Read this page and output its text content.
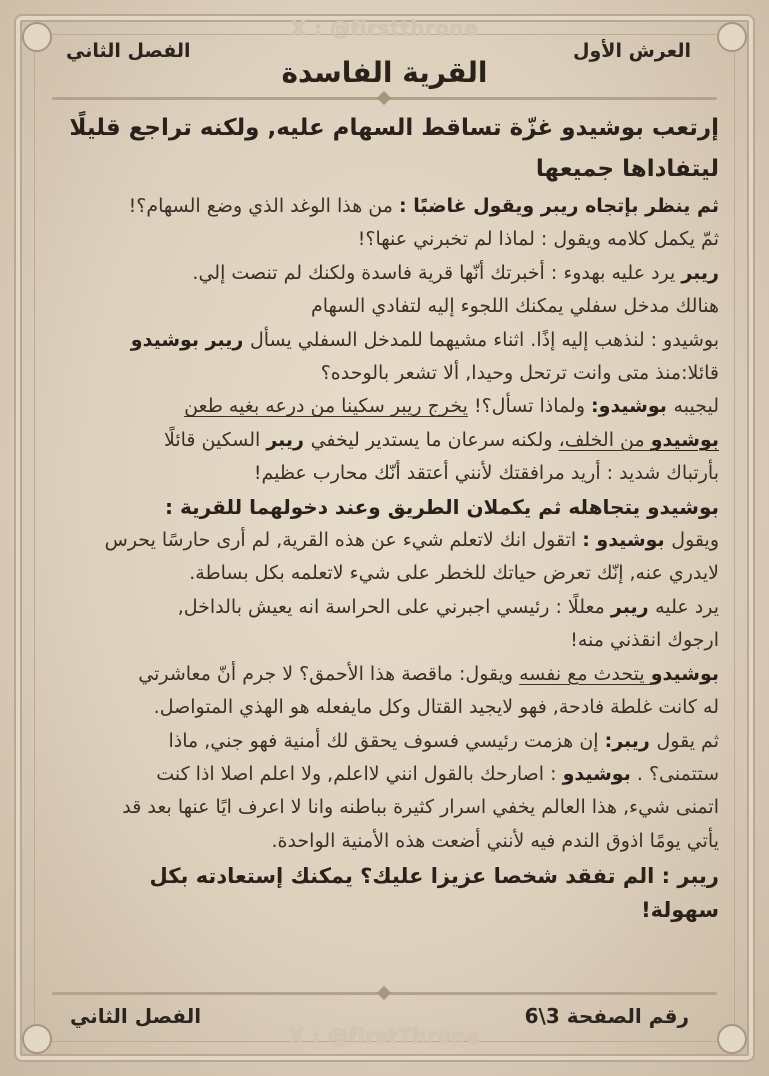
X : @firstthrone
العرش الأول
الفصل الثاني
القرية الفاسدة

إرتعب بوشيدو غزّة تساقط السهام عليه, ولكنه تراجع قليلًا ليتفاداها جميعها

ثم ينظر بإتجاه ريبر ويقول غاضبًا : من هذا الوغد الذي وضع السهام؟!

ثمّ يكمل كلامه ويقول : لماذا لم تخبرني عنها؟!

ريبر يرد عليه بهدوء : أخبرتك أنّها قرية فاسدة ولكنك لم تنصت إلي.

هنالك مدخل سفلي يمكنك اللجوء إليه لتفادي السهام

بوشيدو : لنذهب إليه إذًا. اثناء مشيهما للمدخل السفلي يسأل ريبر بوشيدو

قائلا:منذ متى وانت ترتحل وحيدا, ألا تشعر بالوحده؟

ليجيبه بوشيدو: ولماذا تسأل؟! يخرج ريبر سكينا من درعه بغيه طعن

بوشيدو من الخلف، ولكنه سرعان ما يستدير ليخفي ريبر السكين قائلًا

بأرتباك شديد : أريد مرافقتك لأنني أعتقد أنّك محارب عظيم!

بوشيدو يتجاهله ثم يكملان الطريق وعند دخولهما للقرية :

ويقول بوشيدو : اتقول انك لاتعلم شيء عن هذه القرية, لم أرى حارسًا يحرس

لايدري عنه, إنّك تعرض حياتك للخطر على شيء لاتعلمه بكل بساطة.

يرد عليه ريبر معللًا : رئيسي اجبرني على الحراسة انه يعيش بالداخل,

ارجوك انقذني منه!

بوشيدو يتحدث مع نفسه ويقول: ماقصة هذا الأحمق؟ لا جرم أنّ معاشرتي

له كانت غلطة فادحة, فهو لايجيد القتال وكل مايفعله هو الهذي المتواصل.

ثم يقول ريبر: إن هزمت رئيسي فسوف يحقق لك أمنية فهو جني, ماذا

ستتمنى؟ . بوشيدو : اصارحك بالقول انني لااعلم, ولا اعلم اصلا اذا كنت

اتمنى شيء, هذا العالم يخفي اسرار كثيرة بباطنه وانا لا اعرف ايًا عنها بعد قد

يأتي يومًا اذوق الندم فيه لأنني أضعت هذه الأمنية الواحدة.

ريبر : الم تفقد شخصا عزيزا عليك؟ يمكنك إستعادته بكل سهولة!

الفصل الثاني	رقم الصفحة 3\6
X : @firstThrone
